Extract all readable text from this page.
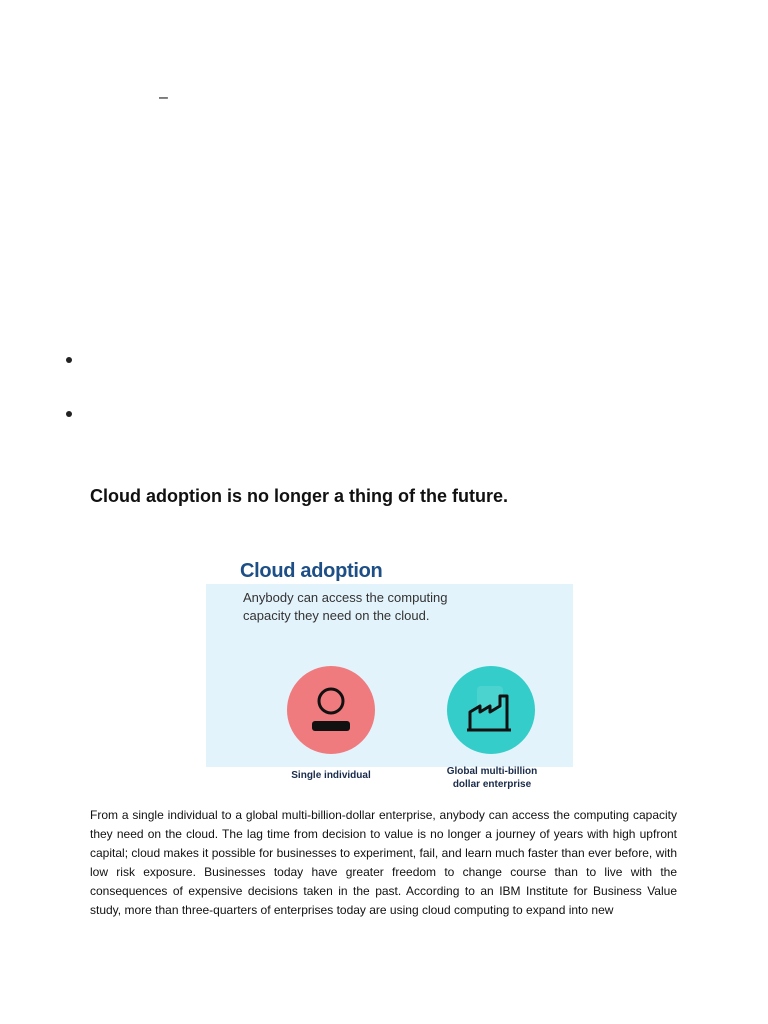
–
Cloud adoption is no longer a thing of the future.
Cloud adoption
Anybody can access the computing capacity they need on the cloud.
Single individual	Global multi-billion dollar enterprise

From a single individual to a global multi-billion-dollar enterprise, anybody can access the computing capacity they need on the cloud. The lag time from decision to value is no longer a journey of years with high upfront capital; cloud makes it possible for businesses to experiment, fail, and learn much faster than ever before, with low risk exposure. Businesses today have greater freedom to change course than to live with the consequences of expensive decisions taken in the past. According to an IBM Institute for Business Value study, more than three-quarters of enterprises today are using cloud computing to expand into new
